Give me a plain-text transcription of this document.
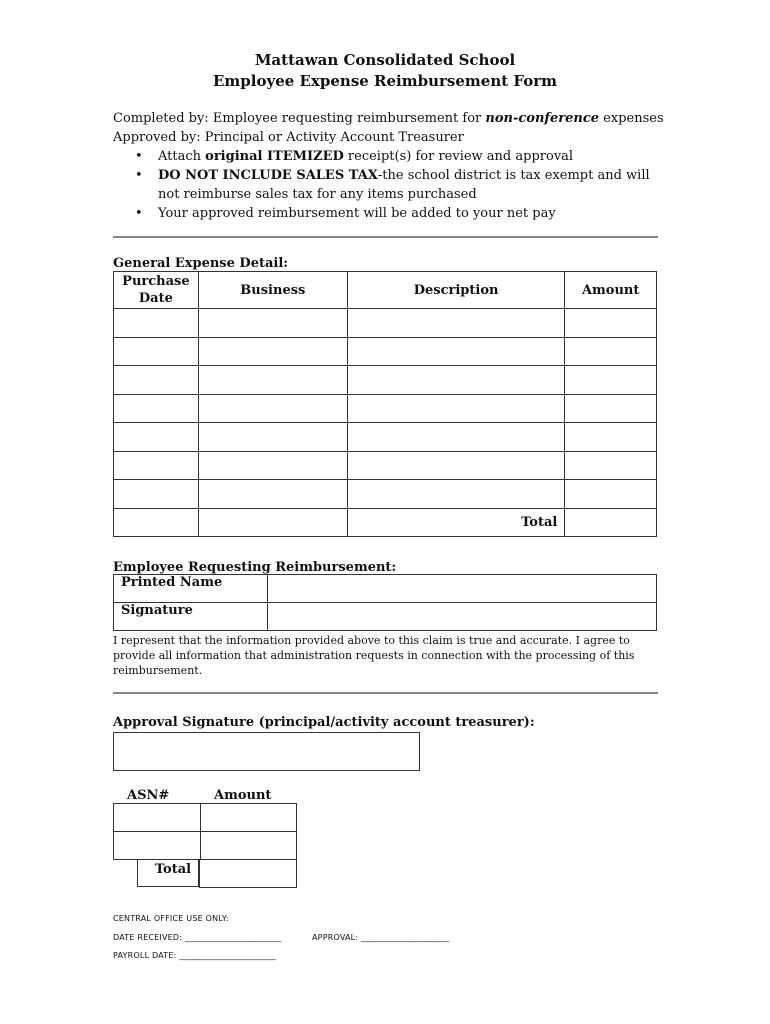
Mattawan Consolidated School
Employee Expense Reimbursement Form
Completed by: Employee requesting reimbursement for non-conference expenses
Approved by: Principal or Activity Account Treasurer
• Attach original ITEMIZED receipt(s) for review and approval
• DO NOT INCLUDE SALES TAX-the school district is tax exempt and will not reimburse sales tax for any items purchased
• Your approved reimbursement will be added to your net pay
General Expense Detail:
Purchase Date	Business	Description	Amount

		Total	
Employee Requesting Reimbursement:
Printed Name	
Signature	
I represent that the information provided above to this claim is true and accurate. I agree to provide all information that administration requests in connection with the processing of this reimbursement.
Approval Signature (principal/activity account treasurer):
ASN#	Amount

Total
CENTRAL OFFICE USE ONLY:
DATE RECEIVED: _______________________	APPROVAL: _____________________
PAYROLL DATE: _______________________
